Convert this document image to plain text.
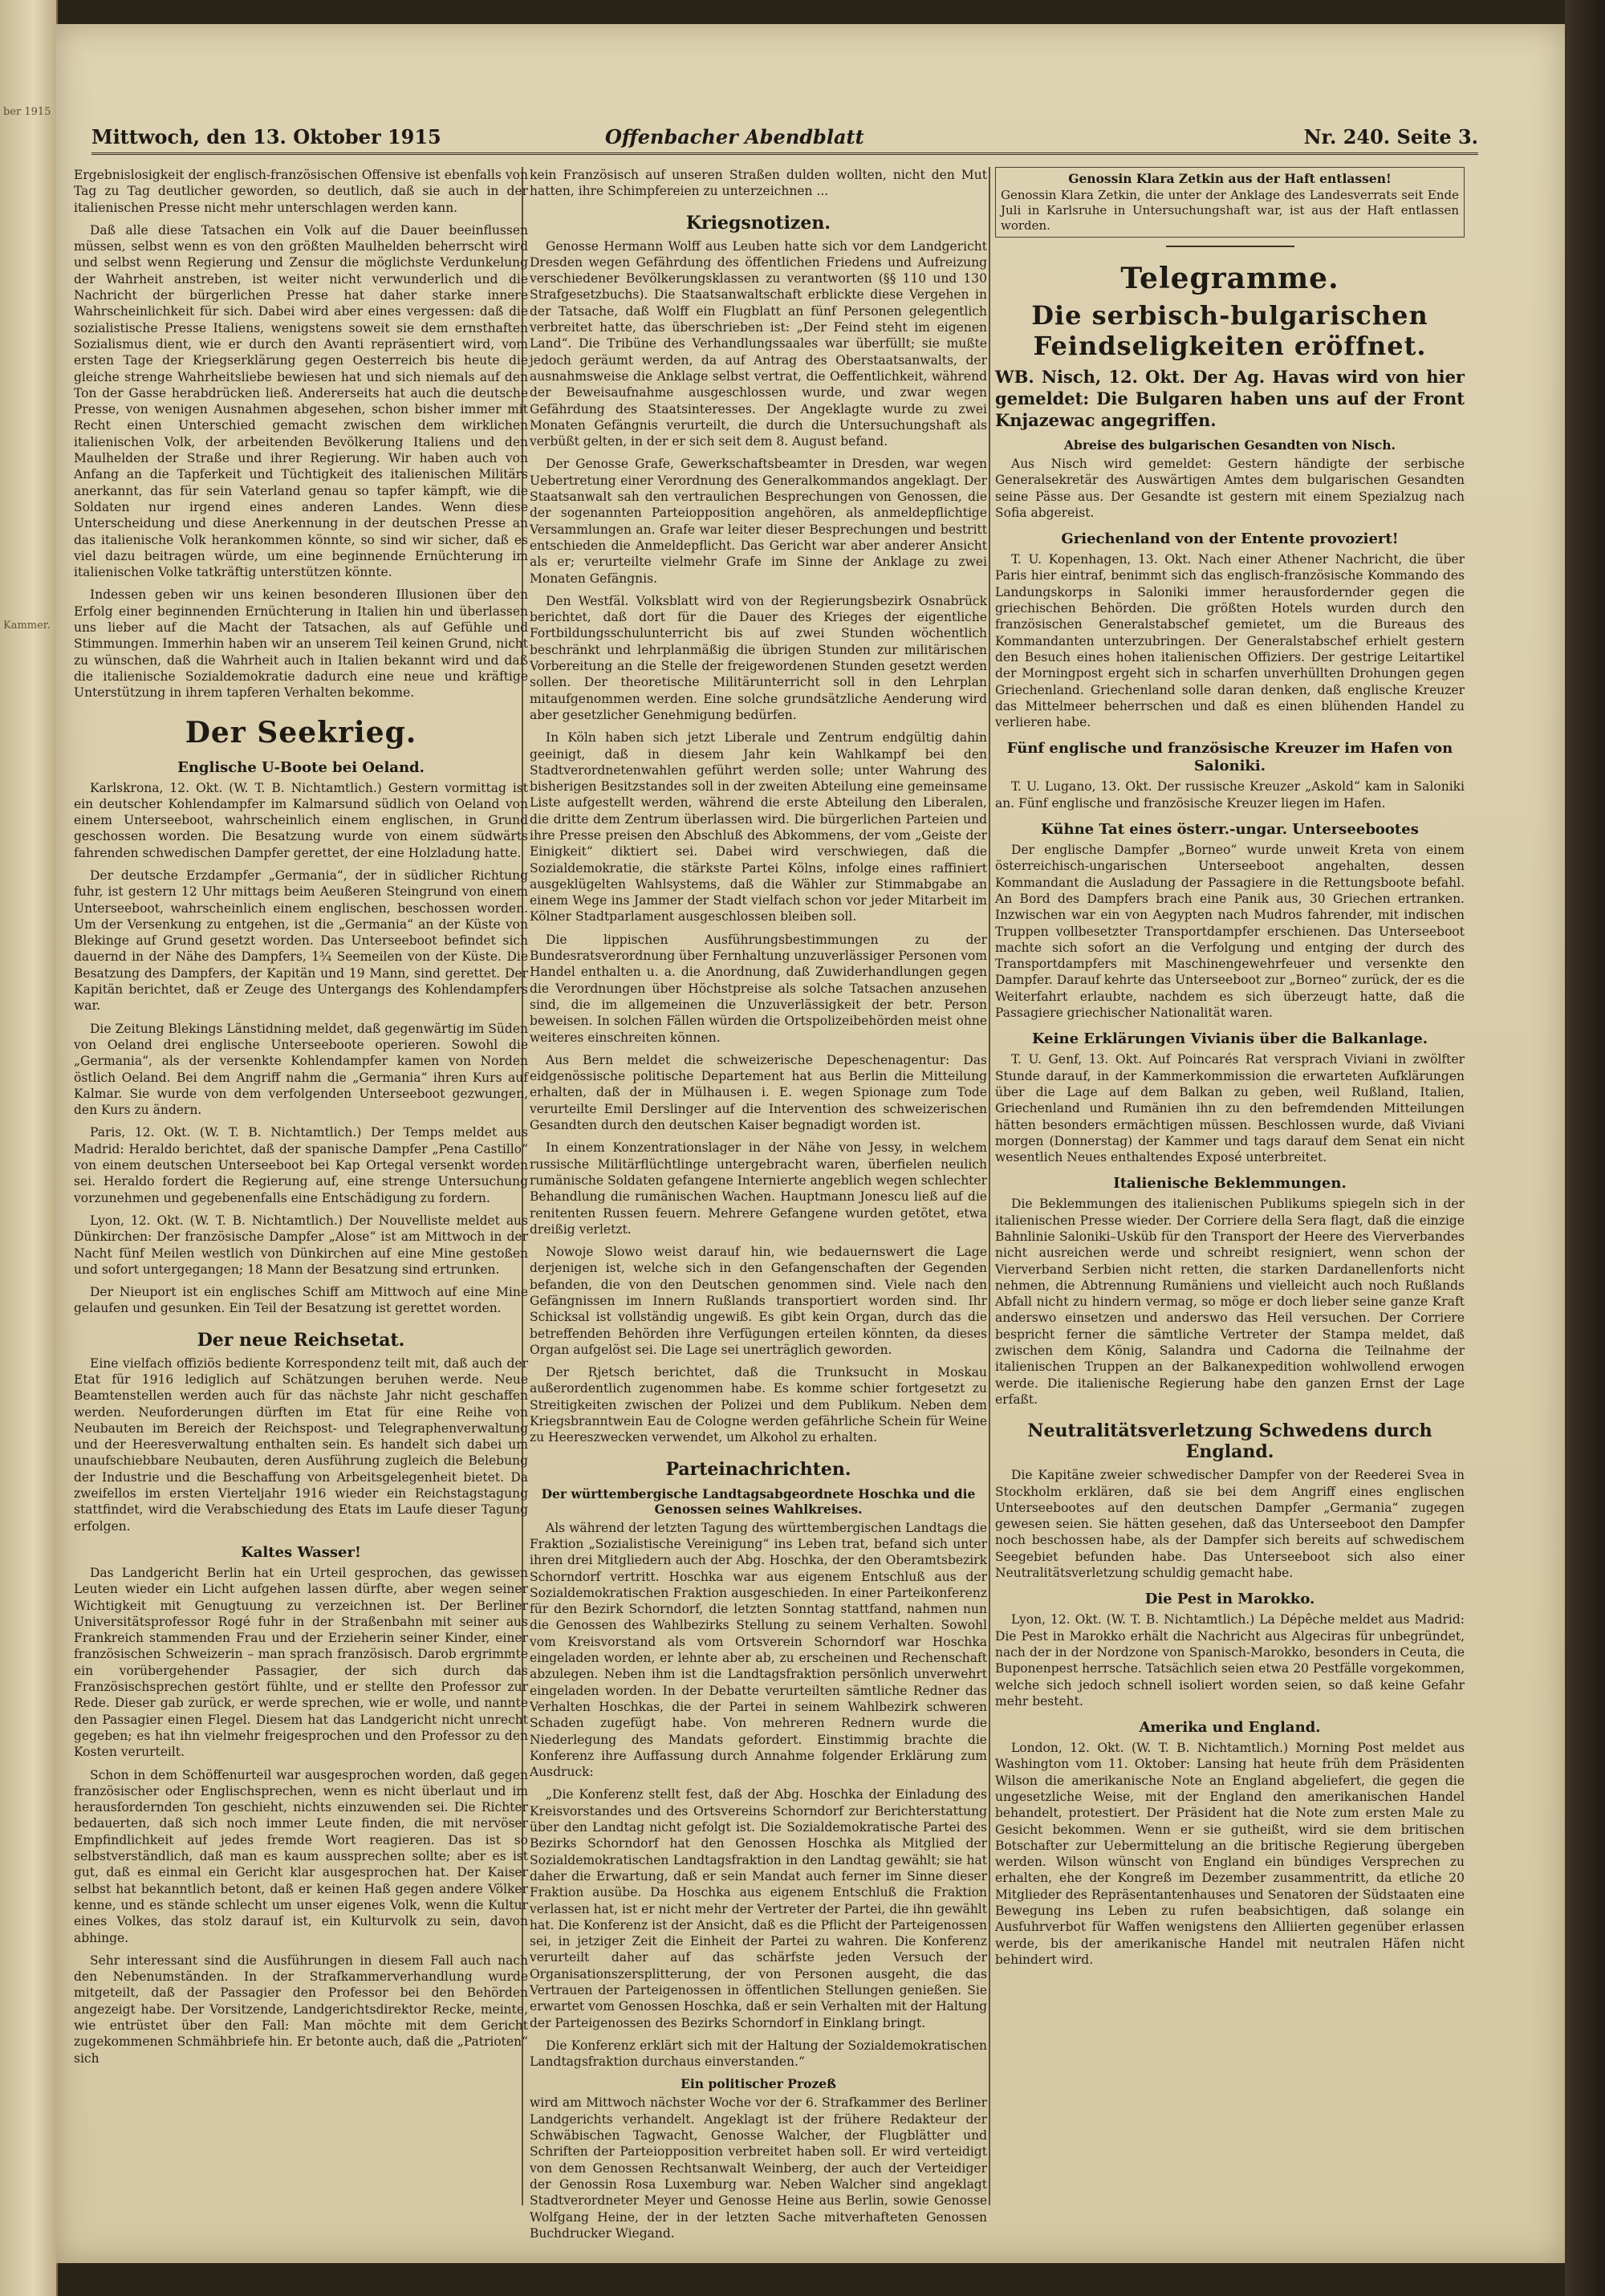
ber 1915
Kammer.
Mittwoch, den 13. Oktober 1915	Offenbacher Abendblatt	Nr. 240. Seite 3.

Ergebnislosigkeit der englisch-französischen Offensive ist ebenfalls von Tag zu Tag deutlicher geworden, so deutlich, daß sie auch in der italienischen Presse nicht mehr unterschlagen werden kann.

Daß alle diese Tatsachen ein Volk auf die Dauer beeinflussen müssen, selbst wenn es von den größten Maulhelden beherrscht wird und selbst wenn Regierung und Zensur die möglichste Verdunkelung der Wahrheit anstreben, ist weiter nicht verwunderlich und die Nachricht der bürgerlichen Presse hat daher starke innere Wahrscheinlichkeit für sich. Dabei wird aber eines vergessen: daß die sozialistische Presse Italiens, wenigstens soweit sie dem ernsthaften Sozialismus dient, wie er durch den Avanti repräsentiert wird, vom ersten Tage der Kriegserklärung gegen Oesterreich bis heute die gleiche strenge Wahrheitsliebe bewiesen hat und sich niemals auf den Ton der Gasse herabdrücken ließ. Andererseits hat auch die deutsche Presse, von wenigen Ausnahmen abgesehen, schon bisher immer mit Recht einen Unterschied gemacht zwischen dem wirklichen italienischen Volk, der arbeitenden Bevölkerung Italiens und den Maulhelden der Straße und ihrer Regierung. Wir haben auch von Anfang an die Tapferkeit und Tüchtigkeit des italienischen Militärs anerkannt, das für sein Vaterland genau so tapfer kämpft, wie die Soldaten nur irgend eines anderen Landes. Wenn diese Unterscheidung und diese Anerkennung in der deutschen Presse an das italienische Volk herankommen könnte, so sind wir sicher, daß es viel dazu beitragen würde, um eine beginnende Ernüchterung im italienischen Volke tatkräftig unterstützen könnte.

Indessen geben wir uns keinen besonderen Illusionen über den Erfolg einer beginnenden Ernüchterung in Italien hin und überlassen uns lieber auf die Macht der Tatsachen, als auf Gefühle und Stimmungen. Immerhin haben wir an unserem Teil keinen Grund, nicht zu wünschen, daß die Wahrheit auch in Italien bekannt wird und daß die italienische Sozialdemokratie dadurch eine neue und kräftige Unterstützung in ihrem tapferen Verhalten bekomme.

Der Seekrieg.
Englische U-Boote bei Oeland.

Karlskrona, 12. Okt. (W. T. B. Nichtamtlich.) Gestern vormittag ist ein deutscher Kohlendampfer im Kalmarsund südlich von Oeland von einem Unterseeboot, wahrscheinlich einem englischen, in Grund geschossen worden. Die Besatzung wurde von einem südwärts fahrenden schwedischen Dampfer gerettet, der eine Holzladung hatte.

Der deutsche Erzdampfer „Germania“, der in südlicher Richtung fuhr, ist gestern 12 Uhr mittags beim Aeußeren Steingrund von einem Unterseeboot, wahrscheinlich einem englischen, beschossen worden. Um der Versenkung zu entgehen, ist die „Germania“ an der Küste von Blekinge auf Grund gesetzt worden. Das Unterseeboot befindet sich dauernd in der Nähe des Dampfers, 1¾ Seemeilen von der Küste. Die Besatzung des Dampfers, der Kapitän und 19 Mann, sind gerettet. Der Kapitän berichtet, daß er Zeuge des Untergangs des Kohlendampfers war.

Die Zeitung Blekings Länstidning meldet, daß gegenwärtig im Süden von Oeland drei englische Unterseeboote operieren. Sowohl die „Germania“, als der versenkte Kohlendampfer kamen von Norden östlich Oeland. Bei dem Angriff nahm die „Germania“ ihren Kurs auf Kalmar. Sie wurde von dem verfolgenden Unterseeboot gezwungen, den Kurs zu ändern.

Paris, 12. Okt. (W. T. B. Nichtamtlich.) Der Temps meldet aus Madrid: Heraldo berichtet, daß der spanische Dampfer „Pena Castillo“ von einem deutschen Unterseeboot bei Kap Ortegal versenkt worden sei. Heraldo fordert die Regierung auf, eine strenge Untersuchung vorzunehmen und gegebenenfalls eine Entschädigung zu fordern.

Lyon, 12. Okt. (W. T. B. Nichtamtlich.) Der Nouvelliste meldet aus Dünkirchen: Der französische Dampfer „Alose“ ist am Mittwoch in der Nacht fünf Meilen westlich von Dünkirchen auf eine Mine gestoßen und sofort untergegangen; 18 Mann der Besatzung sind ertrunken.

Der Nieuport ist ein englisches Schiff am Mittwoch auf eine Mine gelaufen und gesunken. Ein Teil der Besatzung ist gerettet worden.

Der neue Reichsetat.

Eine vielfach offiziös bediente Korrespondenz teilt mit, daß auch der Etat für 1916 lediglich auf Schätzungen beruhen werde. Neue Beamtenstellen werden auch für das nächste Jahr nicht geschaffen werden. Neuforderungen dürften im Etat für eine Reihe von Neubauten im Bereich der Reichspost- und Telegraphenverwaltung und der Heeresverwaltung enthalten sein. Es handelt sich dabei um unaufschiebbare Neubauten, deren Ausführung zugleich die Belebung der Industrie und die Beschaffung von Arbeitsgelegenheit bietet. Da zweifellos im ersten Vierteljahr 1916 wieder ein Reichstagstagung stattfindet, wird die Verabschiedung des Etats im Laufe dieser Tagung erfolgen.

Kaltes Wasser!

Das Landgericht Berlin hat ein Urteil gesprochen, das gewissen Leuten wieder ein Licht aufgehen lassen dürfte, aber wegen seiner Wichtigkeit mit Genugtuung zu verzeichnen ist. Der Berliner Universitätsprofessor Rogé fuhr in der Straßenbahn mit seiner aus Frankreich stammenden Frau und der Erzieherin seiner Kinder, einer französischen Schweizerin – man sprach französisch. Darob ergrimmte ein vorübergehender Passagier, der sich durch das Französischsprechen gestört fühlte, und er stellte den Professor zur Rede. Dieser gab zurück, er werde sprechen, wie er wolle, und nannte den Passagier einen Flegel. Diesem hat das Landgericht nicht unrecht gegeben; es hat ihn vielmehr freigesprochen und den Professor zu den Kosten verurteilt.

Schon in dem Schöffenurteil war ausgesprochen worden, daß gegen französischer oder Englischsprechen, wenn es nicht überlaut und im herausfordernden Ton geschieht, nichts einzuwenden sei. Die Richter bedauerten, daß sich noch immer Leute finden, die mit nervöser Empfindlichkeit auf jedes fremde Wort reagieren. Das ist so selbstverständlich, daß man es kaum aussprechen sollte; aber es ist gut, daß es einmal ein Gericht klar ausgesprochen hat. Der Kaiser selbst hat bekanntlich betont, daß er keinen Haß gegen andere Völker kenne, und es stände schlecht um unser eigenes Volk, wenn die Kultur eines Volkes, das stolz darauf ist, ein Kulturvolk zu sein, davon abhinge.

Sehr interessant sind die Ausführungen in diesem Fall auch nach den Nebenumständen. In der Strafkammerverhandlung wurde mitgeteilt, daß der Passagier den Professor bei den Behörden angezeigt habe. Der Vorsitzende, Landgerichtsdirektor Recke, meinte, wie entrüstet über den Fall: Man möchte mit dem Gericht zugekommenen Schmähbriefe hin. Er betonte auch, daß die „Patrioten“ sich

kein Französisch auf unseren Straßen dulden wollten, nicht den Mut hatten, ihre Schimpfereien zu unterzeichnen ...

Kriegsnotizen.

Genosse Hermann Wolff aus Leuben hatte sich vor dem Landgericht Dresden wegen Gefährdung des öffentlichen Friedens und Aufreizung verschiedener Bevölkerungsklassen zu verantworten (§§ 110 und 130 Strafgesetzbuchs). Die Staatsanwaltschaft erblickte diese Vergehen in der Tatsache, daß Wolff ein Flugblatt an fünf Personen gelegentlich verbreitet hatte, das überschrieben ist: „Der Feind steht im eigenen Land“. Die Tribüne des Verhandlungssaales war überfüllt; sie mußte jedoch geräumt werden, da auf Antrag des Oberstaatsanwalts, der ausnahmsweise die Anklage selbst vertrat, die Oeffentlichkeit, während der Beweisaufnahme ausgeschlossen wurde, und zwar wegen Gefährdung des Staatsinteresses. Der Angeklagte wurde zu zwei Monaten Gefängnis verurteilt, die durch die Untersuchungshaft als verbüßt gelten, in der er sich seit dem 8. August befand.

Der Genosse Grafe, Gewerkschaftsbeamter in Dresden, war wegen Uebertretung einer Verordnung des Generalkommandos angeklagt. Der Staatsanwalt sah den vertraulichen Besprechungen von Genossen, die der sogenannten Parteiopposition angehören, als anmeldepflichtige Versammlungen an. Grafe war leiter dieser Besprechungen und bestritt entschieden die Anmeldepflicht. Das Gericht war aber anderer Ansicht als er; verurteilte vielmehr Grafe im Sinne der Anklage zu zwei Monaten Gefängnis.

Den Westfäl. Volksblatt wird von der Regierungsbezirk Osnabrück berichtet, daß dort für die Dauer des Krieges der eigentliche Fortbildungsschulunterricht bis auf zwei Stunden wöchentlich beschränkt und lehrplanmäßig die übrigen Stunden zur militärischen Vorbereitung an die Stelle der freigewordenen Stunden gesetzt werden sollen. Der theoretische Militärunterricht soll in den Lehrplan mitaufgenommen werden. Eine solche grundsätzliche Aenderung wird aber gesetzlicher Genehmigung bedürfen.

In Köln haben sich jetzt Liberale und Zentrum endgültig dahin geeinigt, daß in diesem Jahr kein Wahlkampf bei den Stadtverordnetenwahlen geführt werden solle; unter Wahrung des bisherigen Besitzstandes soll in der zweiten Abteilung eine gemeinsame Liste aufgestellt werden, während die erste Abteilung den Liberalen, die dritte dem Zentrum überlassen wird. Die bürgerlichen Parteien und ihre Presse preisen den Abschluß des Abkommens, der vom „Geiste der Einigkeit“ diktiert sei. Dabei wird verschwiegen, daß die Sozialdemokratie, die stärkste Partei Kölns, infolge eines raffiniert ausgeklügelten Wahlsystems, daß die Wähler zur Stimmabgabe an einem Wege ins Jammer der Stadt vielfach schon vor jeder Mitarbeit im Kölner Stadtparlament ausgeschlossen bleiben soll.

Die lippischen Ausführungsbestimmungen zu der Bundesratsverordnung über Fernhaltung unzuverlässiger Personen vom Handel enthalten u. a. die Anordnung, daß Zuwiderhandlungen gegen die Verordnungen über Höchstpreise als solche Tatsachen anzusehen sind, die im allgemeinen die Unzuverlässigkeit der betr. Person beweisen. In solchen Fällen würden die Ortspolizeibehörden meist ohne weiteres einschreiten können.

Aus Bern meldet die schweizerische Depeschenagentur: Das eidgenössische politische Departement hat aus Berlin die Mitteilung erhalten, daß der in Mülhausen i. E. wegen Spionage zum Tode verurteilte Emil Derslinger auf die Intervention des schweizerischen Gesandten durch den deutschen Kaiser begnadigt worden ist.

In einem Konzentrationslager in der Nähe von Jessy, in welchem russische Militärflüchtlinge untergebracht waren, überfielen neulich rumänische Soldaten gefangene Internierte angeblich wegen schlechter Behandlung die rumänischen Wachen. Hauptmann Jonescu ließ auf die renitenten Russen feuern. Mehrere Gefangene wurden getötet, etwa dreißig verletzt.

Nowoje Slowo weist darauf hin, wie bedauernswert die Lage derjenigen ist, welche sich in den Gefangenschaften der Gegenden befanden, die von den Deutschen genommen sind. Viele nach den Gefängnissen im Innern Rußlands transportiert worden sind. Ihr Schicksal ist vollständig ungewiß. Es gibt kein Organ, durch das die betreffenden Behörden ihre Verfügungen erteilen könnten, da dieses Organ aufgelöst sei. Die Lage sei unerträglich geworden.

Der Rjetsch berichtet, daß die Trunksucht in Moskau außerordentlich zugenommen habe. Es komme schier fortgesetzt zu Streitigkeiten zwischen der Polizei und dem Publikum. Neben dem Kriegsbranntwein Eau de Cologne werden gefährliche Schein für Weine zu Heereszwecken verwendet, um Alkohol zu erhalten.

Parteinachrichten.
Der württembergische Landtagsabgeordnete Hoschka und die Genossen seines Wahlkreises.

Als während der letzten Tagung des württembergischen Landtags die Fraktion „Sozialistische Vereinigung“ ins Leben trat, befand sich unter ihren drei Mitgliedern auch der Abg. Hoschka, der den Oberamtsbezirk Schorndorf vertritt. Hoschka war aus eigenem Entschluß aus der Sozialdemokratischen Fraktion ausgeschieden. In einer Parteikonferenz für den Bezirk Schorndorf, die letzten Sonntag stattfand, nahmen nun die Genossen des Wahlbezirks Stellung zu seinem Verhalten. Sowohl vom Kreisvorstand als vom Ortsverein Schorndorf war Hoschka eingeladen worden, er lehnte aber ab, zu erscheinen und Rechenschaft abzulegen. Neben ihm ist die Landtagsfraktion persönlich unverwehrt eingeladen worden. In der Debatte verurteilten sämtliche Redner das Verhalten Hoschkas, die der Partei in seinem Wahlbezirk schweren Schaden zugefügt habe. Von mehreren Rednern wurde die Niederlegung des Mandats gefordert. Einstimmig brachte die Konferenz ihre Auffassung durch Annahme folgender Erklärung zum Ausdruck:

„Die Konferenz stellt fest, daß der Abg. Hoschka der Einladung des Kreisvorstandes und des Ortsvereins Schorndorf zur Berichterstattung über den Landtag nicht gefolgt ist. Die Sozialdemokratische Partei des Bezirks Schorndorf hat den Genossen Hoschka als Mitglied der Sozialdemokratischen Landtagsfraktion in den Landtag gewählt; sie hat daher die Erwartung, daß er sein Mandat auch ferner im Sinne dieser Fraktion ausübe. Da Hoschka aus eigenem Entschluß die Fraktion verlassen hat, ist er nicht mehr der Vertreter der Partei, die ihn gewählt hat. Die Konferenz ist der Ansicht, daß es die Pflicht der Parteigenossen sei, in jetziger Zeit die Einheit der Partei zu wahren. Die Konferenz verurteilt daher auf das schärfste jeden Versuch der Organisationszersplitterung, der von Personen ausgeht, die das Vertrauen der Parteigenossen in öffentlichen Stellungen genießen. Sie erwartet vom Genossen Hoschka, daß er sein Verhalten mit der Haltung der Parteigenossen des Bezirks Schorndorf in Einklang bringt.

Die Konferenz erklärt sich mit der Haltung der Sozialdemokratischen Landtagsfraktion durchaus einverstanden.“

Ein politischer Prozeß

wird am Mittwoch nächster Woche vor der 6. Strafkammer des Berliner Landgerichts verhandelt. Angeklagt ist der frühere Redakteur der Schwäbischen Tagwacht, Genosse Walcher, der Flugblätter und Schriften der Parteiopposition verbreitet haben soll. Er wird verteidigt von dem Genossen Rechtsanwalt Weinberg, der auch der Verteidiger der Genossin Rosa Luxemburg war. Neben Walcher sind angeklagt Stadtverordneter Meyer und Genosse Heine aus Berlin, sowie Genosse Wolfgang Heine, der in der letzten Sache mitverhafteten Genossen Buchdrucker Wiegand.

Genossin Klara Zetkin aus der Haft entlassen!

Genossin Klara Zetkin, die unter der Anklage des Landesverrats seit Ende Juli in Karlsruhe in Untersuchungshaft war, ist aus der Haft entlassen worden.

Telegramme.
Die serbisch-bulgarischen Feindseligkeiten eröffnet.
WB. Nisch, 12. Okt. Der Ag. Havas wird von hier gemeldet: Die Bulgaren haben uns auf der Front Knjazewac angegriffen.
Abreise des bulgarischen Gesandten von Nisch.

Aus Nisch wird gemeldet: Gestern händigte der serbische Generalsekretär des Auswärtigen Amtes dem bulgarischen Gesandten seine Pässe aus. Der Gesandte ist gestern mit einem Spezialzug nach Sofia abgereist.

Griechenland von der Entente provoziert!

T. U. Kopenhagen, 13. Okt. Nach einer Athener Nachricht, die über Paris hier eintraf, benimmt sich das englisch-französische Kommando des Landungskorps in Saloniki immer herausfordernder gegen die griechischen Behörden. Die größten Hotels wurden durch den französischen Generalstabschef gemietet, um die Bureaus des Kommandanten unterzubringen. Der Generalstabschef erhielt gestern den Besuch eines hohen italienischen Offiziers. Der gestrige Leitartikel der Morningpost ergeht sich in scharfen unverhüllten Drohungen gegen Griechenland. Griechenland solle daran denken, daß englische Kreuzer das Mittelmeer beherrschen und daß es einen blühenden Handel zu verlieren habe.

Fünf englische und französische Kreuzer im Hafen von Saloniki.

T. U. Lugano, 13. Okt. Der russische Kreuzer „Askold“ kam in Saloniki an. Fünf englische und französische Kreuzer liegen im Hafen.

Kühne Tat eines österr.-ungar. Unterseebootes

Der englische Dampfer „Borneo“ wurde unweit Kreta von einem österreichisch-ungarischen Unterseeboot angehalten, dessen Kommandant die Ausladung der Passagiere in die Rettungsboote befahl. An Bord des Dampfers brach eine Panik aus, 30 Griechen ertranken. Inzwischen war ein von Aegypten nach Mudros fahrender, mit indischen Truppen vollbesetzter Transportdampfer erschienen. Das Unterseeboot machte sich sofort an die Verfolgung und entging der durch des Transportdampfers mit Maschinengewehrfeuer und versenkte den Dampfer. Darauf kehrte das Unterseeboot zur „Borneo“ zurück, der es die Weiterfahrt erlaubte, nachdem es sich überzeugt hatte, daß die Passagiere griechischer Nationalität waren.

Keine Erklärungen Vivianis über die Balkanlage.

T. U. Genf, 13. Okt. Auf Poincarés Rat versprach Viviani in zwölfter Stunde darauf, in der Kammerkommission die erwarteten Aufklärungen über die Lage auf dem Balkan zu geben, weil Rußland, Italien, Griechenland und Rumänien ihn zu den befremdenden Mitteilungen hätten besonders ermächtigen müssen. Beschlossen wurde, daß Viviani morgen (Donnerstag) der Kammer und tags darauf dem Senat ein nicht wesentlich Neues enthaltendes Exposé unterbreitet.

Italienische Beklemmungen.

Die Beklemmungen des italienischen Publikums spiegeln sich in der italienischen Presse wieder. Der Corriere della Sera flagt, daß die einzige Bahnlinie Saloniki–Usküb für den Transport der Heere des Vierverbandes nicht ausreichen werde und schreibt resigniert, wenn schon der Vierverband Serbien nicht retten, die starken Dardanellenforts nicht nehmen, die Abtrennung Rumäniens und vielleicht auch noch Rußlands Abfall nicht zu hindern vermag, so möge er doch lieber seine ganze Kraft anderswo einsetzen und anderswo das Heil versuchen. Der Corriere bespricht ferner die sämtliche Vertreter der Stampa meldet, daß zwischen dem König, Salandra und Cadorna die Teilnahme der italienischen Truppen an der Balkanexpedition wohlwollend erwogen werde. Die italienische Regierung habe den ganzen Ernst der Lage erfaßt.

Neutralitätsverletzung Schwedens durch England.

Die Kapitäne zweier schwedischer Dampfer von der Reederei Svea in Stockholm erklären, daß sie bei dem Angriff eines englischen Unterseebootes auf den deutschen Dampfer „Germania“ zugegen gewesen seien. Sie hätten gesehen, daß das Unterseeboot den Dampfer noch beschossen habe, als der Dampfer sich bereits auf schwedischem Seegebiet befunden habe. Das Unterseeboot sich also einer Neutralitätsverletzung schuldig gemacht habe.

Die Pest in Marokko.

Lyon, 12. Okt. (W. T. B. Nichtamtlich.) La Dépêche meldet aus Madrid: Die Pest in Marokko erhält die Nachricht aus Algeciras für unbegründet, nach der in der Nordzone von Spanisch-Marokko, besonders in Ceuta, die Buponenpest herrsche. Tatsächlich seien etwa 20 Pestfälle vorgekommen, welche sich jedoch schnell isoliert worden seien, so daß keine Gefahr mehr besteht.

Amerika und England.

London, 12. Okt. (W. T. B. Nichtamtlich.) Morning Post meldet aus Washington vom 11. Oktober: Lansing hat heute früh dem Präsidenten Wilson die amerikanische Note an England abgeliefert, die gegen die ungesetzliche Weise, mit der England den amerikanischen Handel behandelt, protestiert. Der Präsident hat die Note zum ersten Male zu Gesicht bekommen. Wenn er sie gutheißt, wird sie dem britischen Botschafter zur Uebermittelung an die britische Regierung übergeben werden. Wilson wünscht von England ein bündiges Versprechen zu erhalten, ehe der Kongreß im Dezember zusammentritt, da etliche 20 Mitglieder des Repräsentantenhauses und Senatoren der Südstaaten eine Bewegung ins Leben zu rufen beabsichtigen, daß solange ein Ausfuhrverbot für Waffen wenigstens den Alliierten gegenüber erlassen werde, bis der amerikanische Handel mit neutralen Häfen nicht behindert wird.
